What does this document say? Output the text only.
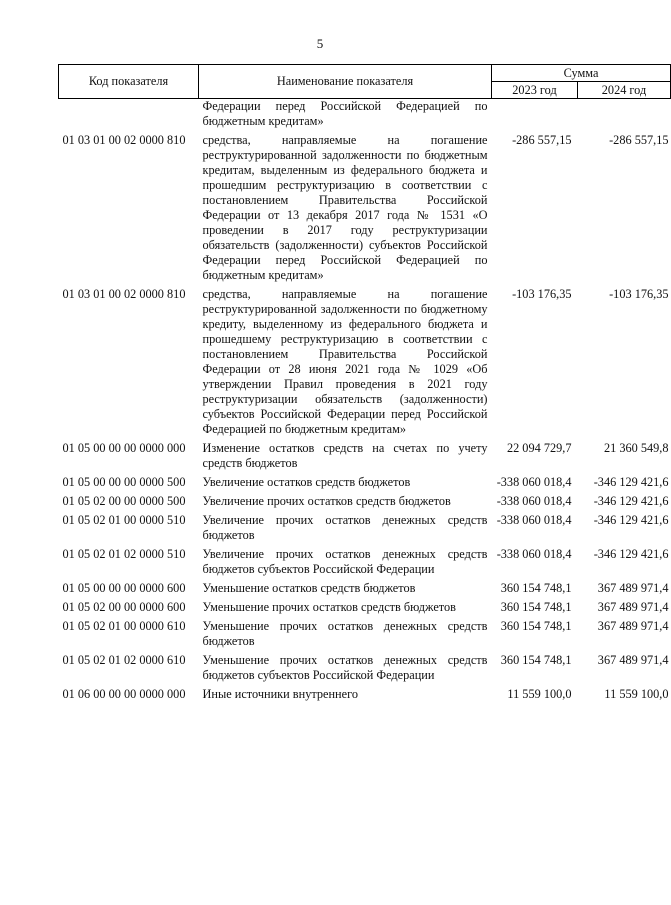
5
Код показателя	Наименование показателя	Сумма	
		2023 год	2024 год
	Федерации перед Российской Федерацией по бюджетным кредитам»		
01 03 01 00 02 0000 810	средства, направляемые на погашение реструктурированной задолженности по бюджетным кредитам, выделенным из федерального бюджета и прошедшим реструктуризацию в соответствии с постановлением Правительства Российской Федерации от 13 декабря 2017 года № 1531 «О проведении в 2017 году реструктуризации обязательств (задолженности) субъектов Российской Федерации перед Российской Федерацией по бюджетным кредитам»	-286 557,15	-286 557,15
01 03 01 00 02 0000 810	средства, направляемые на погашение реструктурированной задолженности по бюджетному кредиту, выделенному из федерального бюджета и прошедшему реструктуризацию в соответствии с постановлением Правительства Российской Федерации от 28 июня 2021 года № 1029 «Об утверждении Правил проведения в 2021 году реструктуризации обязательств (задолженности) субъектов Российской Федерации перед Российской Федерацией по бюджетным кредитам»	-103 176,35	-103 176,35
01 05 00 00 00 0000 000	Изменение остатков средств на счетах по учету средств бюджетов	22 094 729,7	21 360 549,8
01 05 00 00 00 0000 500	Увеличение остатков средств бюджетов	-338 060 018,4	-346 129 421,6
01 05 02 00 00 0000 500	Увеличение прочих остатков средств бюджетов	-338 060 018,4	-346 129 421,6
01 05 02 01 00 0000 510	Увеличение прочих остатков денежных средств бюджетов	-338 060 018,4	-346 129 421,6
01 05 02 01 02 0000 510	Увеличение прочих остатков денежных средств бюджетов субъектов Российской Федерации	-338 060 018,4	-346 129 421,6
01 05 00 00 00 0000 600	Уменьшение остатков средств бюджетов	360 154 748,1	367 489 971,4
01 05 02 00 00 0000 600	Уменьшение прочих остатков средств бюджетов	360 154 748,1	367 489 971,4
01 05 02 01 00 0000 610	Уменьшение прочих остатков денежных средств бюджетов	360 154 748,1	367 489 971,4
01 05 02 01 02 0000 610	Уменьшение прочих остатков денежных средств бюджетов субъектов Российской Федерации	360 154 748,1	367 489 971,4
01 06 00 00 00 0000 000	Иные источники внутреннего	11 559 100,0	11 559 100,0
